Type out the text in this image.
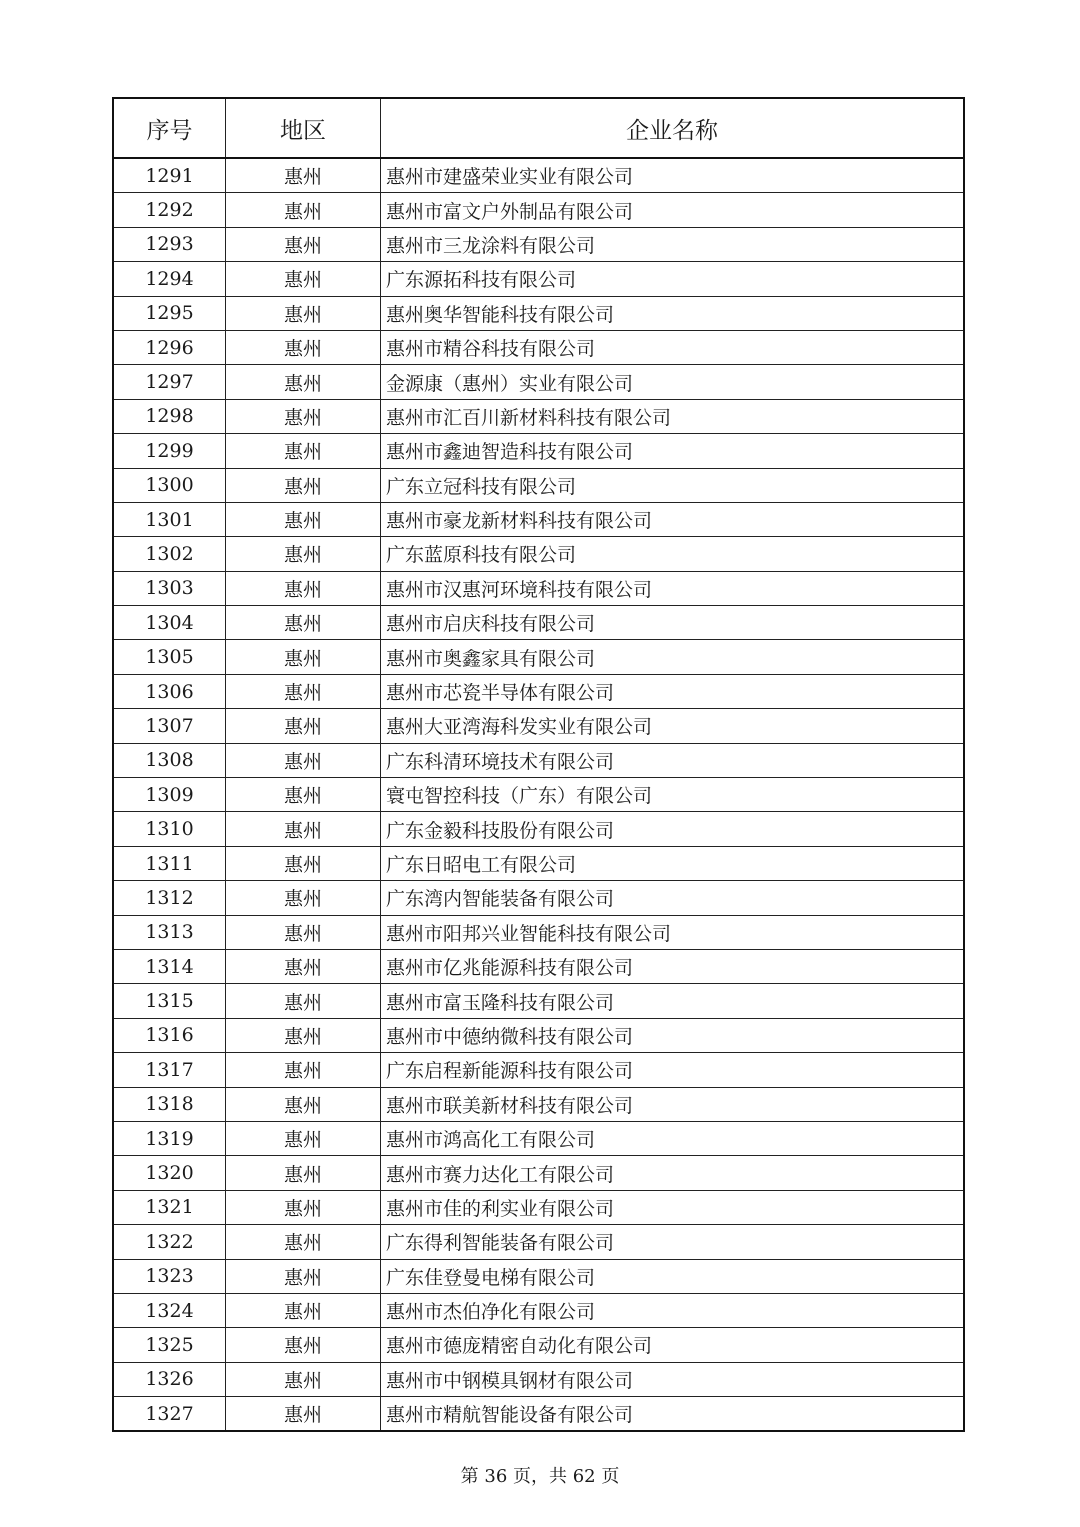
序号	地区	企业名称
1291	惠州	惠州市建盛荣业实业有限公司
1292	惠州	惠州市富文户外制品有限公司
1293	惠州	惠州市三龙涂料有限公司
1294	惠州	广东源拓科技有限公司
1295	惠州	惠州奥华智能科技有限公司
1296	惠州	惠州市精谷科技有限公司
1297	惠州	金源康（惠州）实业有限公司
1298	惠州	惠州市汇百川新材料科技有限公司
1299	惠州	惠州市鑫迪智造科技有限公司
1300	惠州	广东立冠科技有限公司
1301	惠州	惠州市豪龙新材料科技有限公司
1302	惠州	广东蓝原科技有限公司
1303	惠州	惠州市汉惠河环境科技有限公司
1304	惠州	惠州市启庆科技有限公司
1305	惠州	惠州市奥鑫家具有限公司
1306	惠州	惠州市芯瓷半导体有限公司
1307	惠州	惠州大亚湾海科发实业有限公司
1308	惠州	广东科清环境技术有限公司
1309	惠州	寰屯智控科技（广东）有限公司
1310	惠州	广东金毅科技股份有限公司
1311	惠州	广东日昭电工有限公司
1312	惠州	广东湾内智能装备有限公司
1313	惠州	惠州市阳邦兴业智能科技有限公司
1314	惠州	惠州市亿兆能源科技有限公司
1315	惠州	惠州市富玉隆科技有限公司
1316	惠州	惠州市中德纳微科技有限公司
1317	惠州	广东启程新能源科技有限公司
1318	惠州	惠州市联美新材科技有限公司
1319	惠州	惠州市鸿高化工有限公司
1320	惠州	惠州市赛力达化工有限公司
1321	惠州	惠州市佳的利实业有限公司
1322	惠州	广东得利智能装备有限公司
1323	惠州	广东佳登曼电梯有限公司
1324	惠州	惠州市杰伯净化有限公司
1325	惠州	惠州市德庞精密自动化有限公司
1326	惠州	惠州市中钢模具钢材有限公司
1327	惠州	惠州市精航智能设备有限公司
第 36 页，共 62 页
